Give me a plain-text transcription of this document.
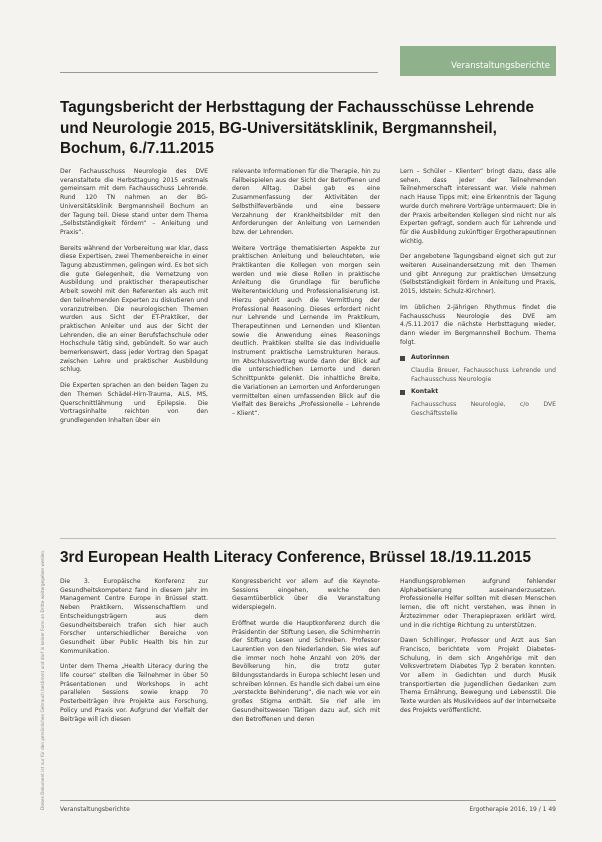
Veranstaltungsberichte
Dieses Dokument ist nur für den persönlichen Gebrauch bestimmt und darf in keiner Form an Dritte weitergegeben werden.
Tagungsbericht der Herbsttagung der Fachausschüsse Lehrende und Neurologie 2015, BG-Universitätsklinik, Bergmannsheil, Bochum, 6./7.11.2015

Der Fachausschuss Neurologie des DVE veranstaltete die Herbsttagung 2015 erstmals gemeinsam mit dem Fachausschuss Lehrende. Rund 120 TN nahmen an der BG-Universitätsklinik Bergmannsheil Bochum an der Tagung teil. Diese stand unter dem Thema „Selbstständigkeit fördern“ – Anleitung und Praxis“.

Bereits während der Vorbereitung war klar, dass diese Expertisen, zwei Themenbereiche in einer Tagung abzustimmen, gelingen wird. Es bot sich die gute Gelegenheit, die Vernetzung von Ausbildung und praktischer therapeutischer Arbeit sowohl mit den Referenten als auch mit den teilnehmenden Experten zu diskutieren und voranzutreiben. Die neurologischen Themen wurden aus Sicht der ET-Praktiker, der praktischen Anleiter und aus der Sicht der Lehrenden, die an einer Berufsfachschule oder Hochschule tätig sind, gebündelt. So war auch bemerkenswert, dass jeder Vortrag den Spagat zwischen Lehre und praktischer Ausbildung schlug.

Die Experten sprachen an den beiden Tagen zu den Themen Schädel-Hirn-Trauma, ALS, MS, Querschnittlähmung und Epilepsie. Die Vortragsinhalte reichten von den grundlegenden Inhalten über ein

relevante Informationen für die Therapie, hin zu Fallbeispielen aus der Sicht der Betroffenen und deren Alltag. Dabei gab es eine Zusammenfassung der Aktivitäten der Selbsthilfeverbände und eine bessere Verzahnung der Krankheitsbilder mit den Anforderungen der Anleitung von Lernenden bzw. der Lehrenden.

Weitere Vorträge thematisierten Aspekte zur praktischen Anleitung und beleuchteten, wie Praktikanten die Kollegen von morgen sein werden und wie diese Rollen in praktische Anleitung die Grundlage für berufliche Weiterentwicklung und Professionalisierung ist. Hierzu gehört auch die Vermittlung der Professional Reasoning. Dieses erfordert nicht nur Lehrende und Lernende im Praktikum, Therapeutinnen und Lernenden und Klienten sowie die Anwendung eines Reasonings deutlich. Praktiken stellte sie das individuelle Instrument praktische Lernstrukturen heraus. Im Abschlussvortrag wurde dann der Blick auf die unterschiedlichen Lernorte und deren Schnittpunkte gelenkt. Die inhaltliche Breite, die Variationen an Lernorten und Anforderungen vermittelten einen umfassenden Blick auf die Vielfalt des Bereichs „Professionelle – Lehrende – Klient“.

Lern – Schüler – Klienten“ bringt dazu, dass alle sehen, dass jeder der Teilnehmenden Teilnehmerschaft interessant war. Viele nahmen nach Hause Tipps mit; eine Erkenntnis der Tagung wurde durch mehrere Vorträge untermauert: Die in der Praxis arbeitenden Kollegen sind nicht nur als Experten gefragt, sondern auch für Lehrende und für die Ausbildung zukünftiger Ergotherapeutinnen wichtig.

Der angebotene Tagungsband eignet sich gut zur weiteren Auseinandersetzung mit den Themen und gibt Anregung zur praktischen Umsetzung (Selbstständigkeit fördern in Anleitung und Praxis, 2015, Idstein: Schulz-Kirchner).

Im üblichen 2-jährigen Rhythmus findet die Fachausschuss Neurologie des DVE am 4./5.11.2017 die nächste Herbsttagung wieder, dann wieder im Bergmannsheil Bochum. Thema folgt.

Autorinnen
Claudia Breuer, Fachausschuss Lehrende und Fachausschuss Neurologie
Kontakt
Fachausschuss Neurologie, c/o DVE Geschäftsstelle
3rd European Health Literacy Conference, Brüssel 18./19.11.2015

Die 3. Europäische Konferenz zur Gesundheitskompetenz fand in diesem Jahr im Management Centre Europe in Brüssel statt. Neben Praktikern, Wissenschaftlern und Entscheidungsträgern aus dem Gesundheitsbereich trafen sich hier auch Forscher unterschiedlicher Bereiche von Gesundheit über Public Health bis hin zur Kommunikation.

Unter dem Thema „Health Literacy during the life course“ stellten die Teilnehmer in über 50 Präsentationen und Workshops in acht parallelen Sessions sowie knapp 70 Posterbeiträgen ihre Projekte aus Forschung, Policy und Praxis vor. Aufgrund der Vielfalt der Beiträge will ich diesen

Kongressbericht vor allem auf die Keynote-Sessions eingehen, welche den Gesamtüberblick über die Veranstaltung widerspiegeln.

Eröffnet wurde die Hauptkonferenz durch die Präsidentin der Stiftung Lesen, die Schirmherrin der Stiftung Lesen und Schreiben. Professor Laurentien von den Niederlanden. Sie wies auf die immer noch hohe Anzahl von 20% der Bevölkerung hin, die trotz guter Bildungsstandards in Europa schlecht lesen und schreiben können. Es handle sich dabei um eine „versteckte Behinderung“, die nach wie vor ein großes Stigma enthält. Sie rief alle im Gesundheitswesen Tätigen dazu auf, sich mit den Betroffenen und deren

Handlungsproblemen aufgrund fehlender Alphabetisierung auseinanderzusetzen. Professionelle Helfer sollten mit diesen Menschen lernen, die oft nicht verstehen, was ihnen in Ärztezimmer oder Therapiepraxen erklärt wird, und in die richtige Richtung zu unterstützen.

Dawn Schillinger, Professor und Arzt aus San Francisco, berichtete vom Projekt Diabetes-Schulung, in dem sich Angehörige mit den Volksvertretern Diabetes Typ 2 beraten konnten. Vor allem in Gedichten und durch Musik transportierten die Jugendlichen Gedanken zum Thema Ernährung, Bewegung und Lebensstil. Die Texte wurden als Musikvideos auf der Internetseite des Projekts veröffentlicht.

Veranstaltungsberichte	Ergotherapie 2016, 19 / 1 49
